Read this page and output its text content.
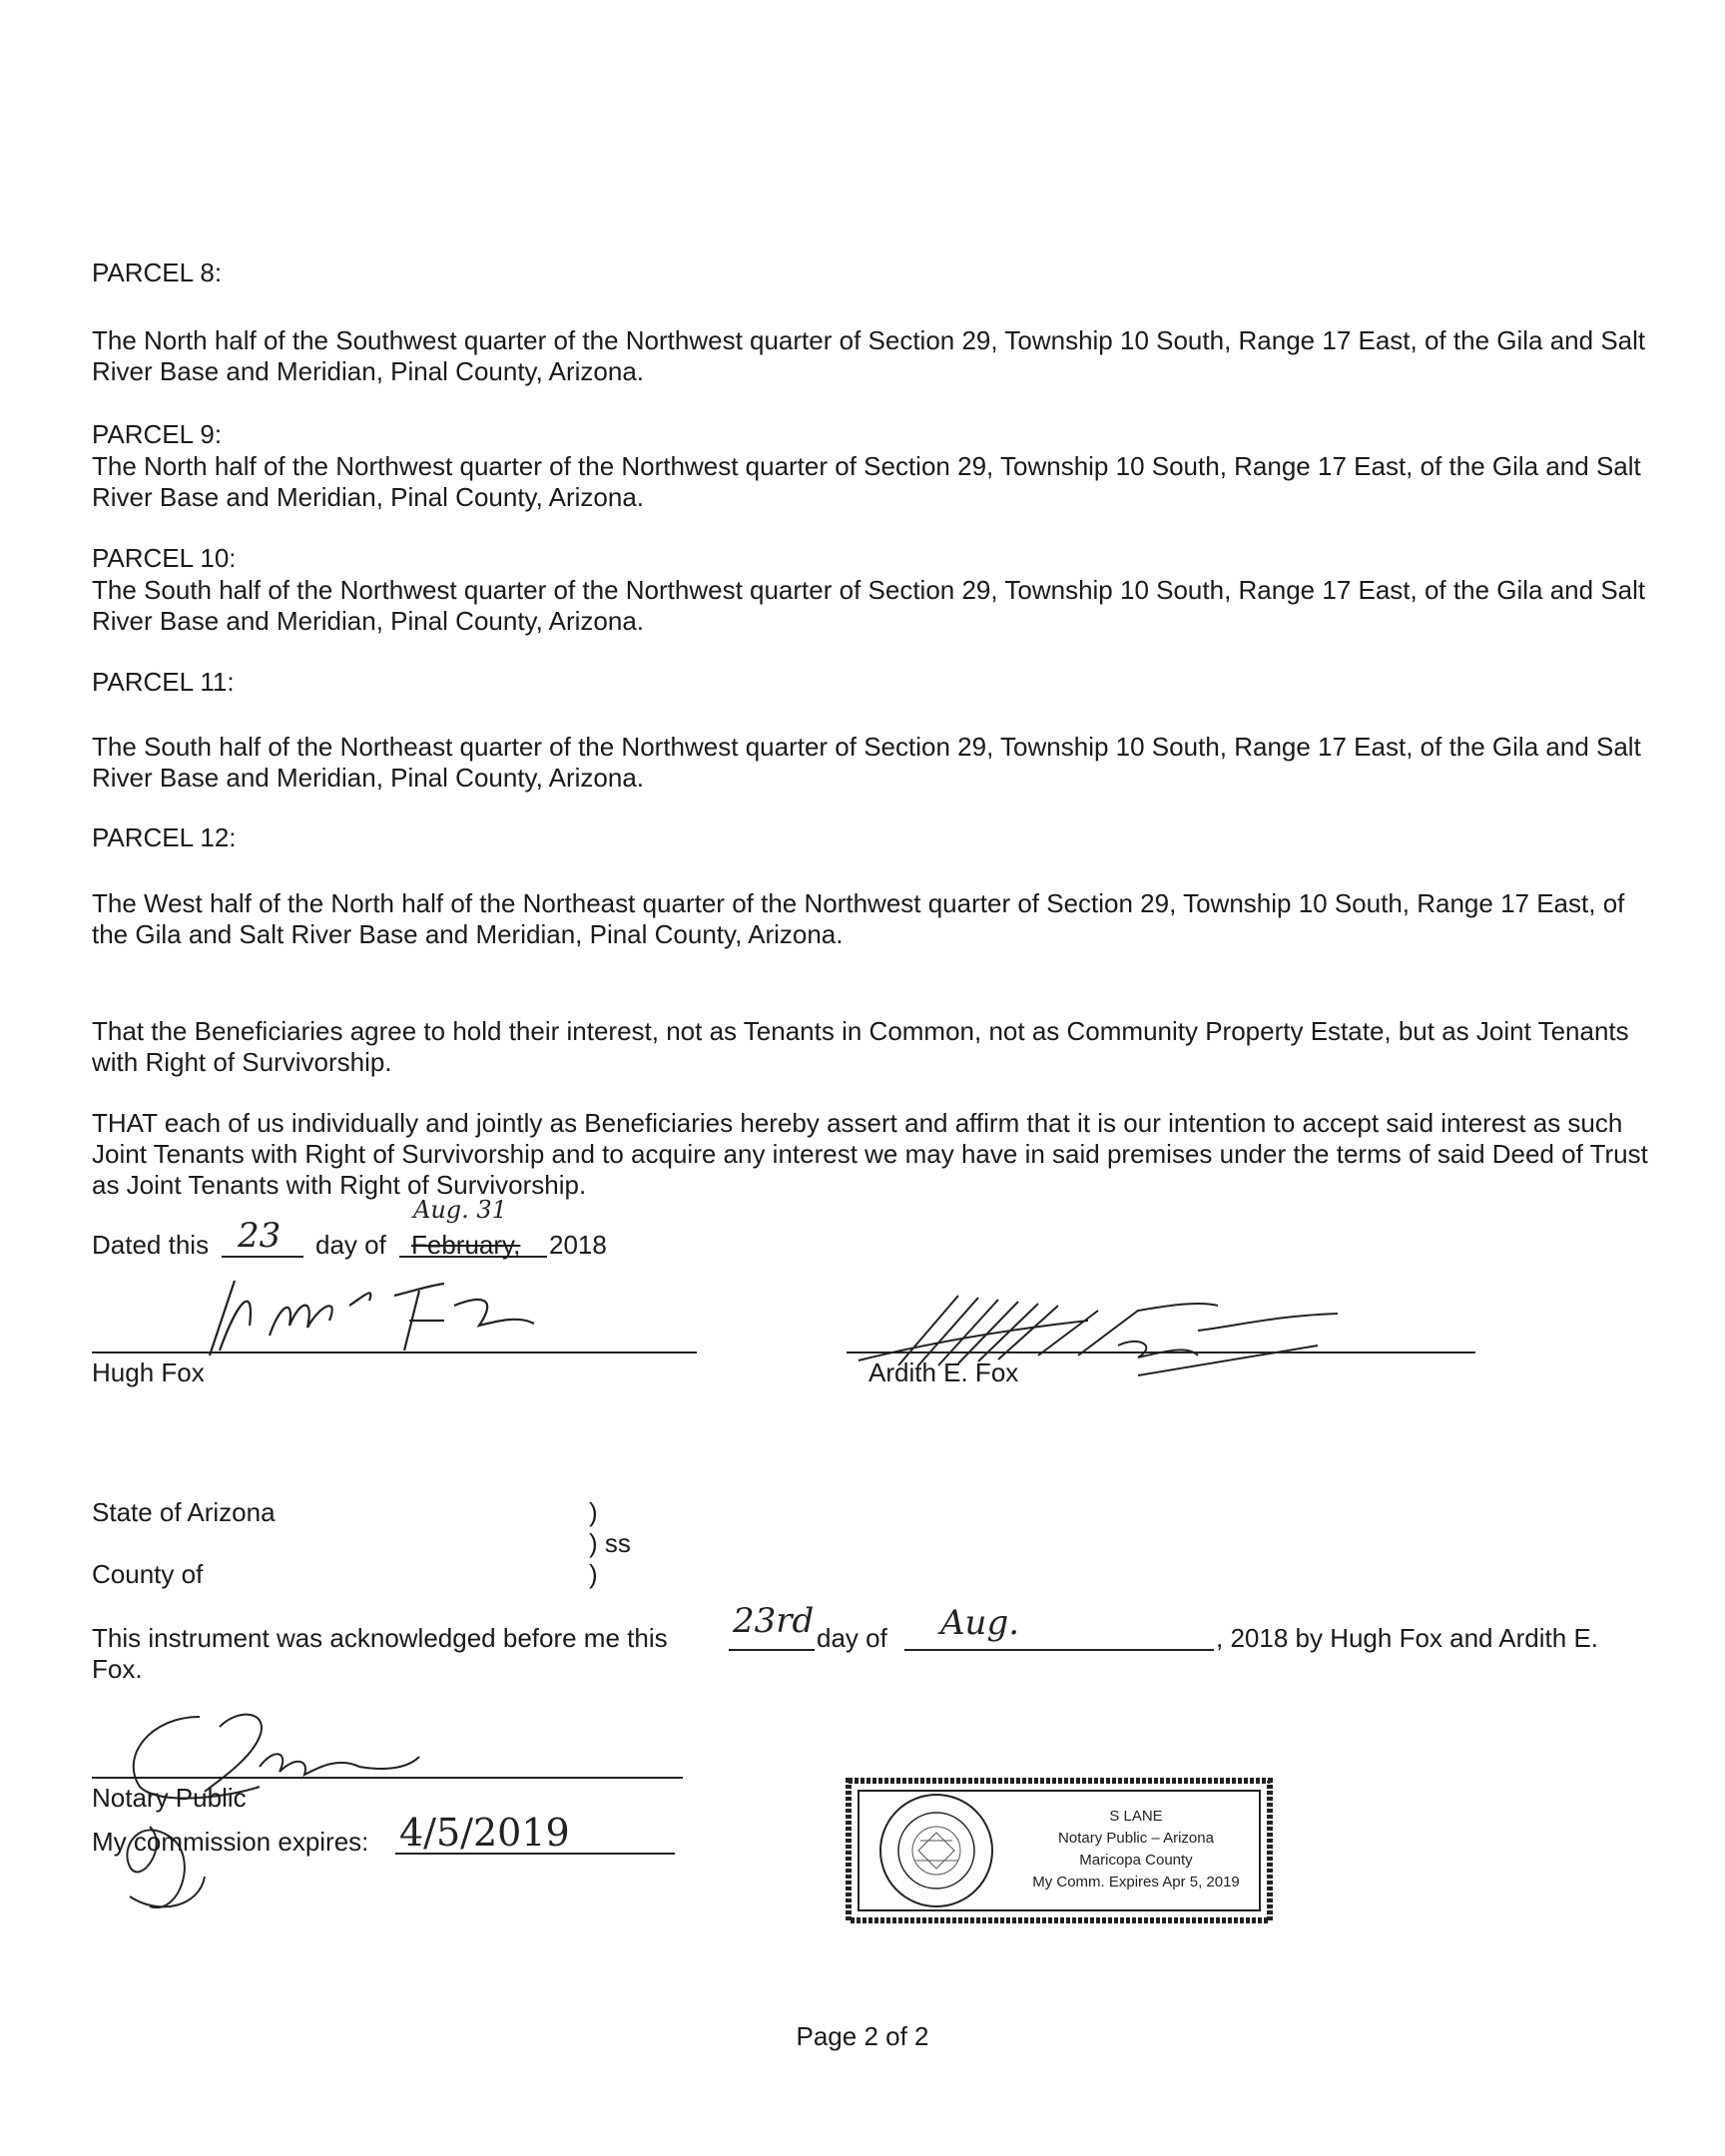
PARCEL 8:

The North half of the Southwest quarter of the Northwest quarter of Section 29, Township 10 South, Range 17 East, of the Gila and Salt River Base and Meridian, Pinal County, Arizona.

PARCEL 9:

The North half of the Northwest quarter of the Northwest quarter of Section 29, Township 10 South, Range 17 East, of the Gila and Salt River Base and Meridian, Pinal County, Arizona.

PARCEL 10:

The South half of the Northwest quarter of the Northwest quarter of Section 29, Township 10 South, Range 17 East, of the Gila and Salt River Base and Meridian, Pinal County, Arizona.

PARCEL 11:

The South half of the Northeast quarter of the Northwest quarter of Section 29, Township 10 South, Range 17 East, of the Gila and Salt River Base and Meridian, Pinal County, Arizona.

PARCEL 12:

The West half of the North half of the Northeast quarter of the Northwest quarter of Section 29, Township 10 South, Range 17 East, of the Gila and Salt River Base and Meridian, Pinal County, Arizona.

That the Beneficiaries agree to hold their interest, not as Tenants in Common, not as Community Property Estate, but as Joint Tenants with Right of Survivorship.

THAT each of us individually and jointly as Beneficiaries hereby assert and affirm that it is our intention to accept said interest as such Joint Tenants with Right of Survivorship and to acquire any interest we may have in said premises under the terms of said Deed of Trust as Joint Tenants with Right of Survivorship.

Dated this 23 day of February,
Aug. 31
2018
Hugh Fox	Ardith E. Fox
State of Arizona	)
) ss
County of	)
This instrument was acknowledged before me this 23rd day of Aug.	, 2018 by Hugh Fox and Ardith E.
Fox.
Notary Public
My commission expires: 4/5/2019	S LANE
Notary Public – Arizona
Maricopa County
My Comm. Expires Apr 5, 2019
Page 2 of 2
